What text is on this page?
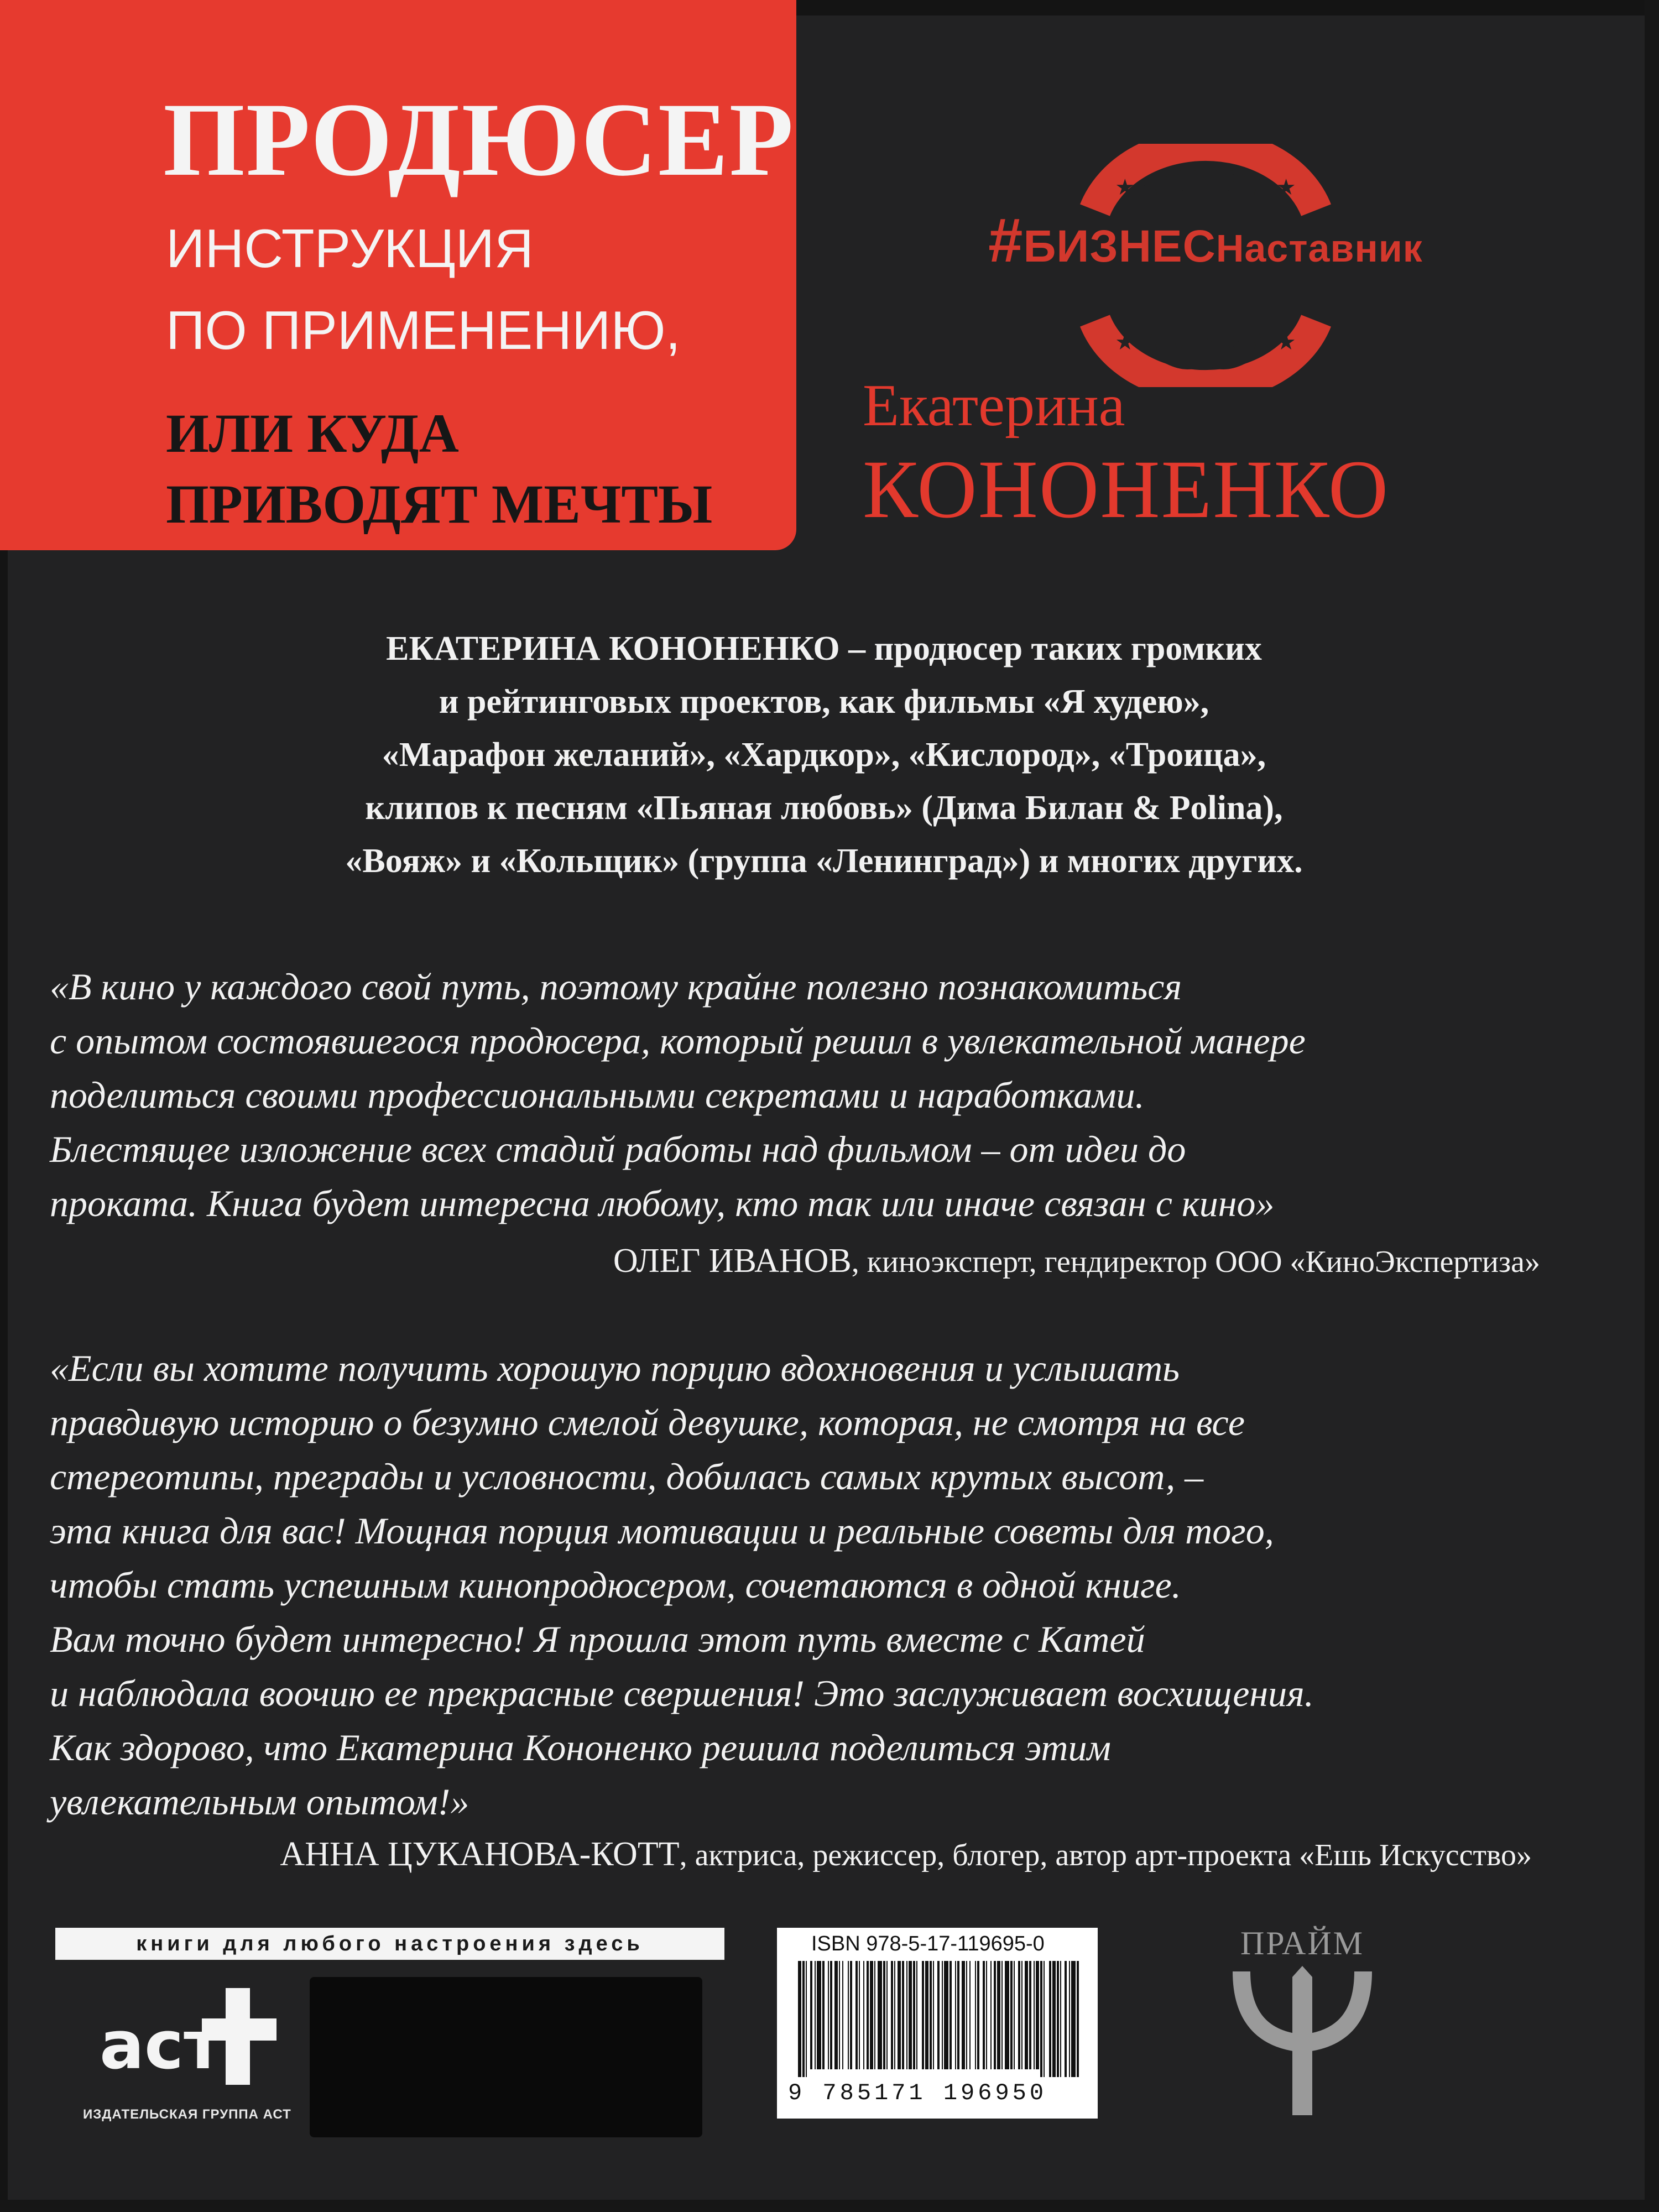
ПРОДЮСЕР
ИНСТРУКЦИЯ
ПО ПРИМЕНЕНИЮ,
ИЛИ КУДА
ПРИВОДЯТ МЕЧТЫ
★ ★ ★ ★ ★ ★ ★
★ ★ ★ ★ ★ ★ ★
#БИЗНЕСНаставник

Екатерина

КОНОНЕНКО

ЕКАТЕРИНА КОНОНЕНКО – продюсер таких громких
и рейтинговых проектов, как фильмы «Я худею»,
«Марафон желаний», «Хардкор», «Кислород», «Троица»,
клипов к песням «Пьяная любовь» (Дима Билан & Polina),
«Вояж» и «Кольщик» (группа «Ленинград») и многих других.

«В кино у каждого свой путь, поэтому крайне полезно познакомиться
с опытом состоявшегося продюсера, который решил в увлекательной манере
поделиться своими профессиональными секретами и наработками.
Блестящее изложение всех стадий работы над фильмом – от идеи до
проката. Книга будет интересна любому, кто так или иначе связан с кино»

ОЛЕГ ИВАНОВ, киноэксперт, гендиректор ООО «КиноЭкспертиза»

«Если вы хотите получить хорошую порцию вдохновения и услышать
правдивую историю о безумно смелой девушке, которая, не смотря на все
стереотипы, преграды и условности, добилась самых крутых высот, –
эта книга для вас! Мощная порция мотивации и реальные советы для того,
чтобы стать успешным кинопродюсером, сочетаются в одной книге.
Вам точно будет интересно! Я прошла этот путь вместе с Катей
и наблюдала воочию ее прекрасные свершения! Это заслуживает восхищения.
Как здорово, что Екатерина Кононенко решила поделиться этим
увлекательным опытом!»

АННА ЦУКАНОВА-КОТТ, актриса, режиссер, блогер, автор арт-проекта «Ешь Искусство»

книги для любого настроения здесь
аст
ИЗДАТЕЛЬСКАЯ ГРУППА АСТ
ISBN 978-5-17-119695-0
9 785171 196950
ПРАЙМ
